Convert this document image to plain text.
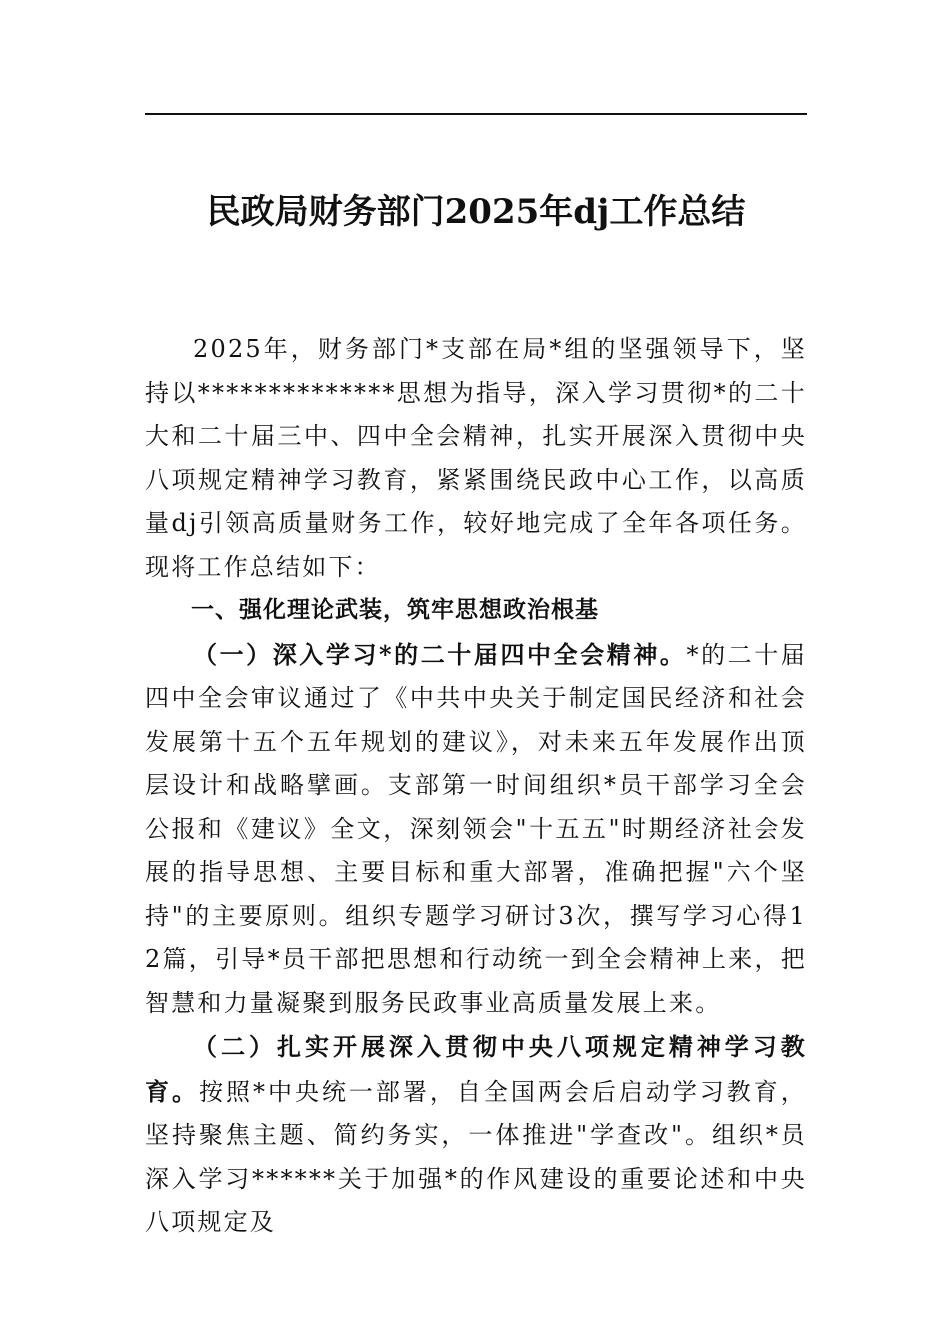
民政局财务部门2025年dj工作总结

2025年，财务部门*支部在局*组的坚强领导下，坚持以**************思想为指导，深入学习贯彻*的二十大和二十届三中、四中全会精神，扎实开展深入贯彻中央八项规定精神学习教育，紧紧围绕民政中心工作，以高质量dj引领高质量财务工作，较好地完成了全年各项任务。现将工作总结如下：

一、强化理论武装，筑牢思想政治根基

（一）深入学习*的二十届四中全会精神。*的二十届四中全会审议通过了《中共中央关于制定国民经济和社会发展第十五个五年规划的建议》，对未来五年发展作出顶层设计和战略擘画。支部第一时间组织*员干部学习全会公报和《建议》全文，深刻领会"十五五"时期经济社会发展的指导思想、主要目标和重大部署，准确把握"六个坚持"的主要原则。组织专题学习研讨3次，撰写学习心得12篇，引导*员干部把思想和行动统一到全会精神上来，把智慧和力量凝聚到服务民政事业高质量发展上来。

（二）扎实开展深入贯彻中央八项规定精神学习教育。按照*中央统一部署，自全国两会后启动学习教育，坚持聚焦主题、简约务实，一体推进"学查改"。组织*员深入学习******关于加强*的作风建设的重要论述和中央八项规定及
